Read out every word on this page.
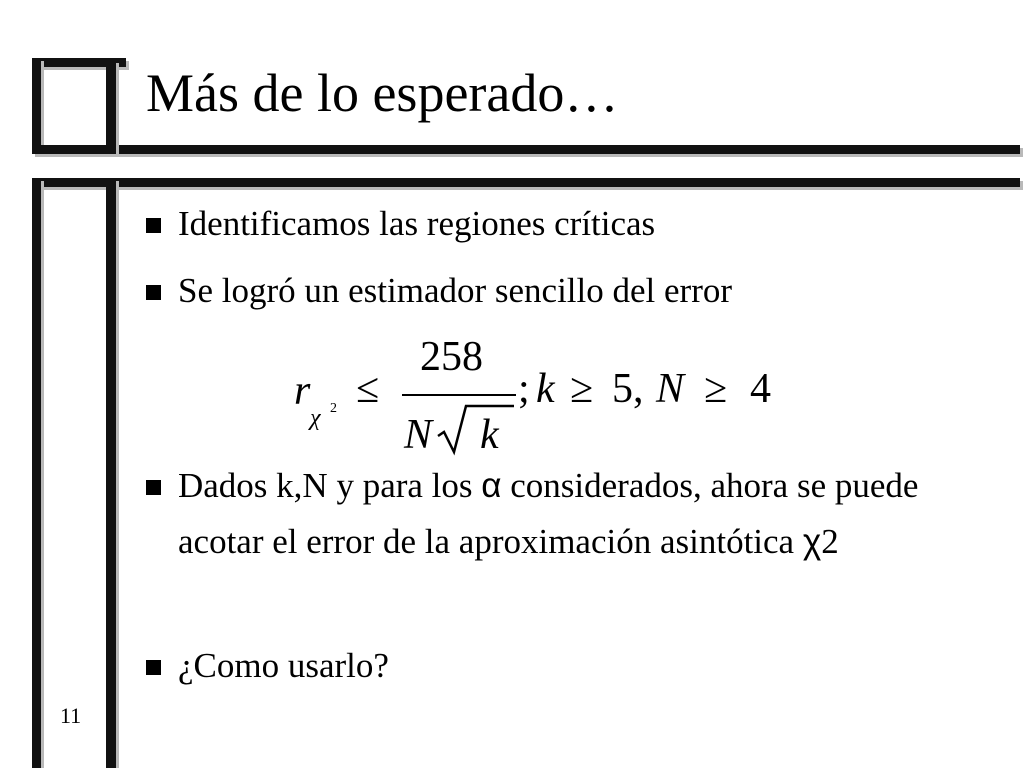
Más de lo esperado…
Identificamos las regiones críticas
Se logró un estimador sencillo del error
r
χ 2 ≤
258
N k
; k ≥ 5, N ≥ 4
Dados k,N y para los α considerados, ahora se puede acotar el error de la aproximación asintótica χ2
¿Como usarlo?
11
